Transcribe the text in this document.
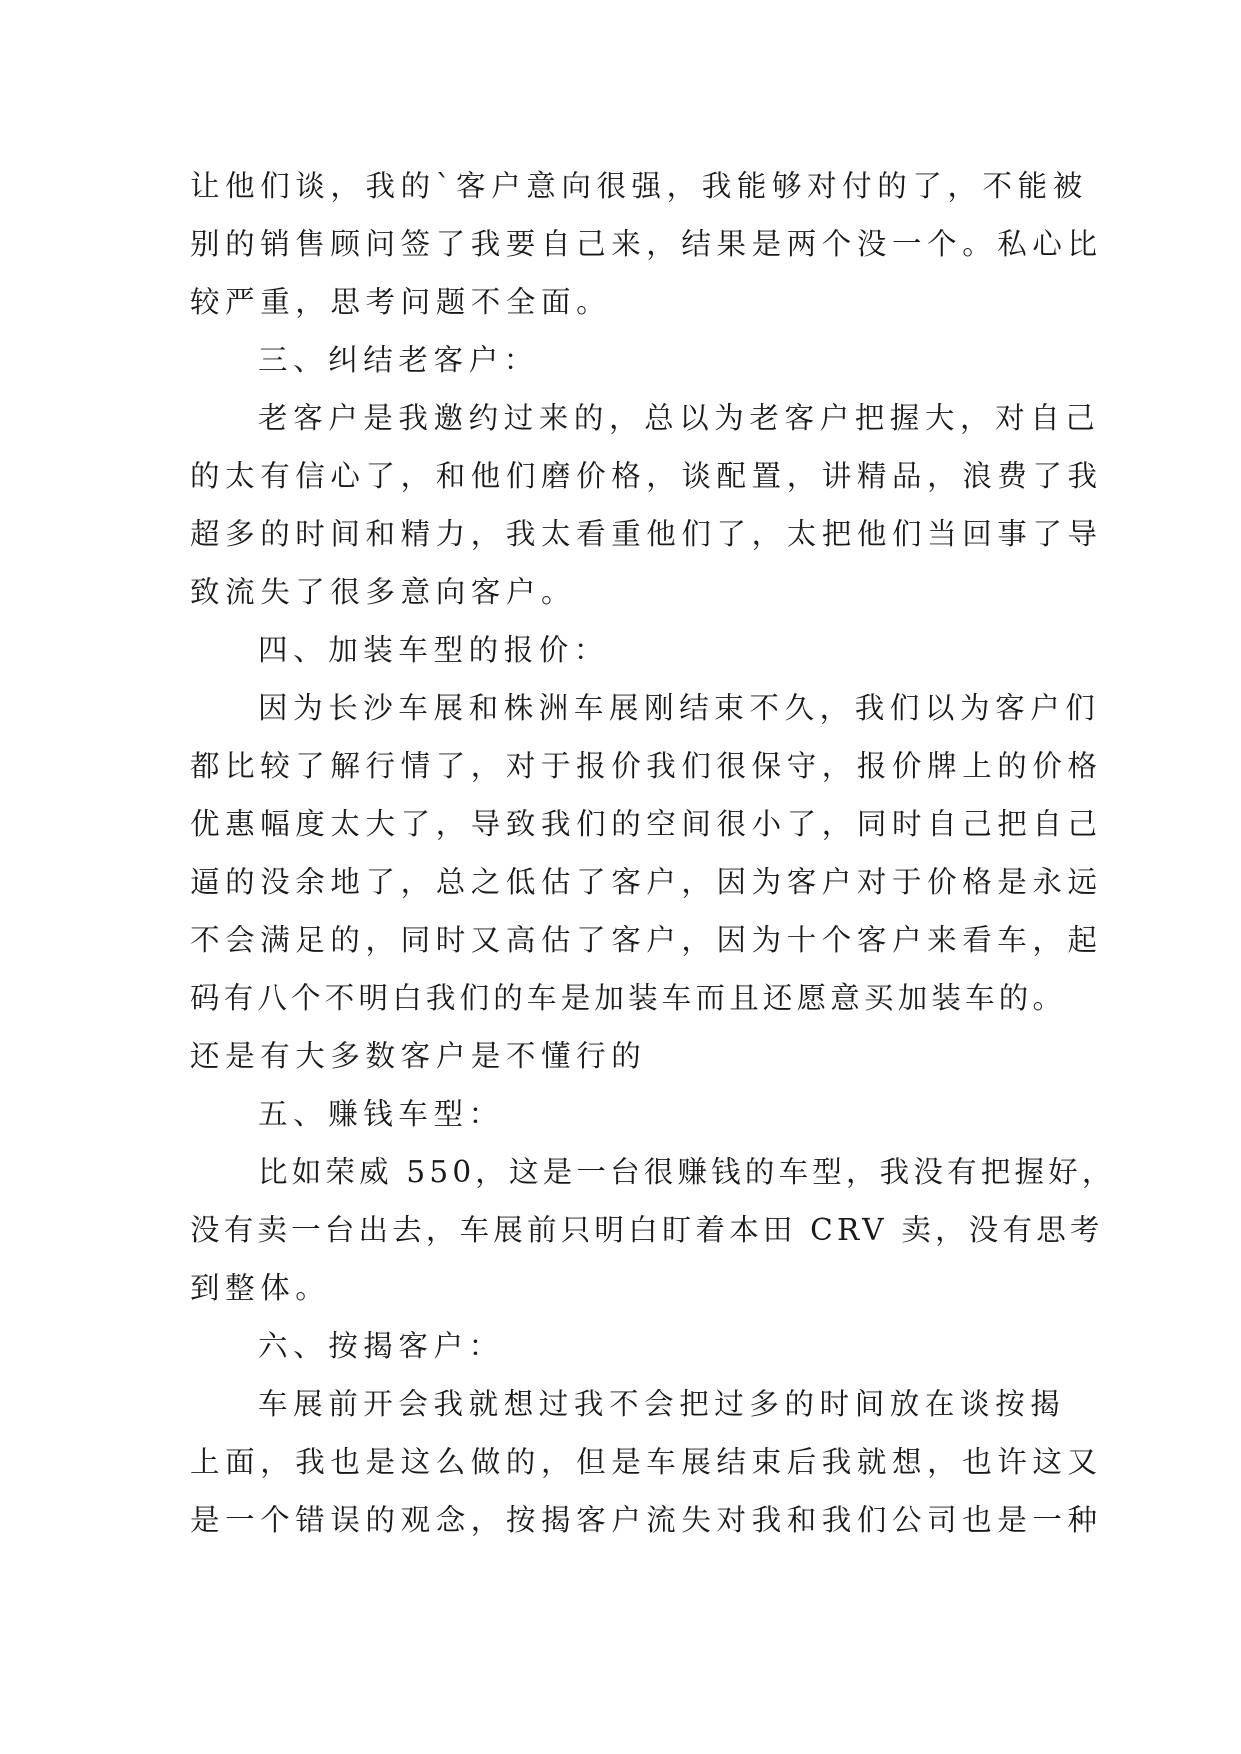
让他们谈，我的`客户意向很强，我能够对付的了，不能被
别的销售顾问签了我要自己来，结果是两个没一个。私心比
较严重，思考问题不全面。
三、纠结老客户：
老客户是我邀约过来的，总以为老客户把握大，对自己
的太有信心了，和他们磨价格，谈配置，讲精品，浪费了我
超多的时间和精力，我太看重他们了，太把他们当回事了导
致流失了很多意向客户。
四、加装车型的报价：
因为长沙车展和株洲车展刚结束不久，我们以为客户们
都比较了解行情了，对于报价我们很保守，报价牌上的价格
优惠幅度太大了，导致我们的空间很小了，同时自己把自己
逼的没余地了，总之低估了客户，因为客户对于价格是永远
不会满足的，同时又高估了客户，因为十个客户来看车，起
码有八个不明白我们的车是加装车而且还愿意买加装车的。
还是有大多数客户是不懂行的
五、赚钱车型：
比如荣威 550，这是一台很赚钱的车型，我没有把握好，
没有卖一台出去，车展前只明白盯着本田 CRV 卖，没有思考
到整体。
六、按揭客户：
车展前开会我就想过我不会把过多的时间放在谈按揭
上面，我也是这么做的，但是车展结束后我就想，也许这又
是一个错误的观念，按揭客户流失对我和我们公司也是一种
